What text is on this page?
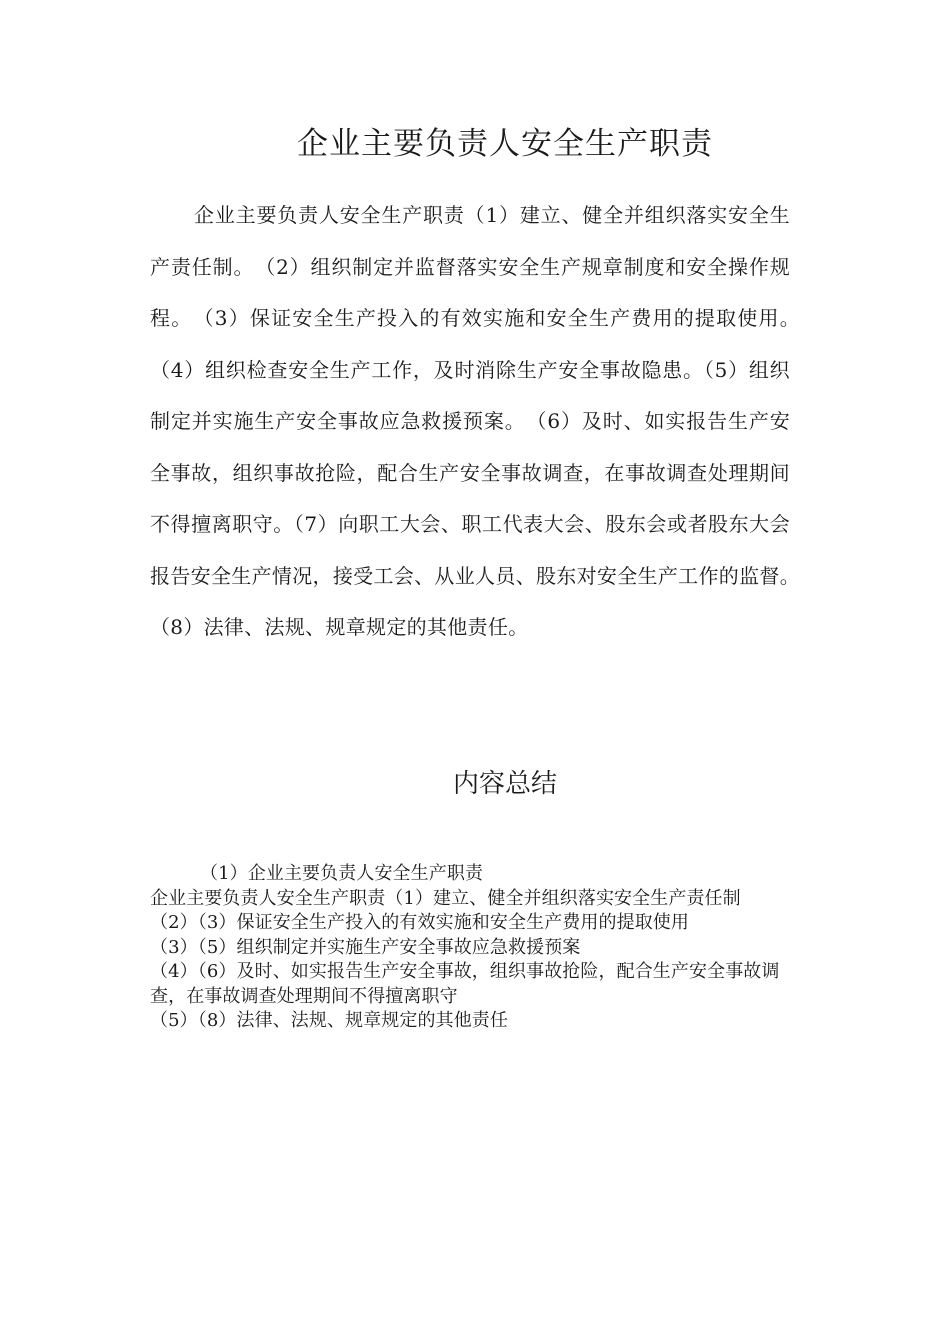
企业主要负责人安全生产职责

企业主要负责人安全生产职责（1）建立、健全并组织落实安全生产责任制。　（2）组织制定并监督落实安全生产规章制度和安全操作规程。　（3）保证安全生产投入的有效实施和安全生产费用的提取使用。　（4）组织检查安全生产工作，及时消除生产安全事故隐患。（5）组织制定并实施生产安全事故应急救援预案。　（6）及时、如实报告生产安全事故，组织事故抢险，配合生产安全事故调查，在事故调查处理期间不得擅离职守。（7）向职工大会、职工代表大会、股东会或者股东大会报告安全生产情况，接受工会、从业人员、股东对安全生产工作的监督。　（8）法律、法规、规章规定的其他责任。

内容总结
（1）企业主要负责人安全生产职责
企业主要负责人安全生产职责（1）建立、健全并组织落实安全生产责任制
（2）（3）保证安全生产投入的有效实施和安全生产费用的提取使用
（3）（5）组织制定并实施生产安全事故应急救援预案
（4）（6）及时、如实报告生产安全事故，组织事故抢险，配合生产安全事故调查，在事故调查处理期间不得擅离职守
（5）（8）法律、法规、规章规定的其他责任
